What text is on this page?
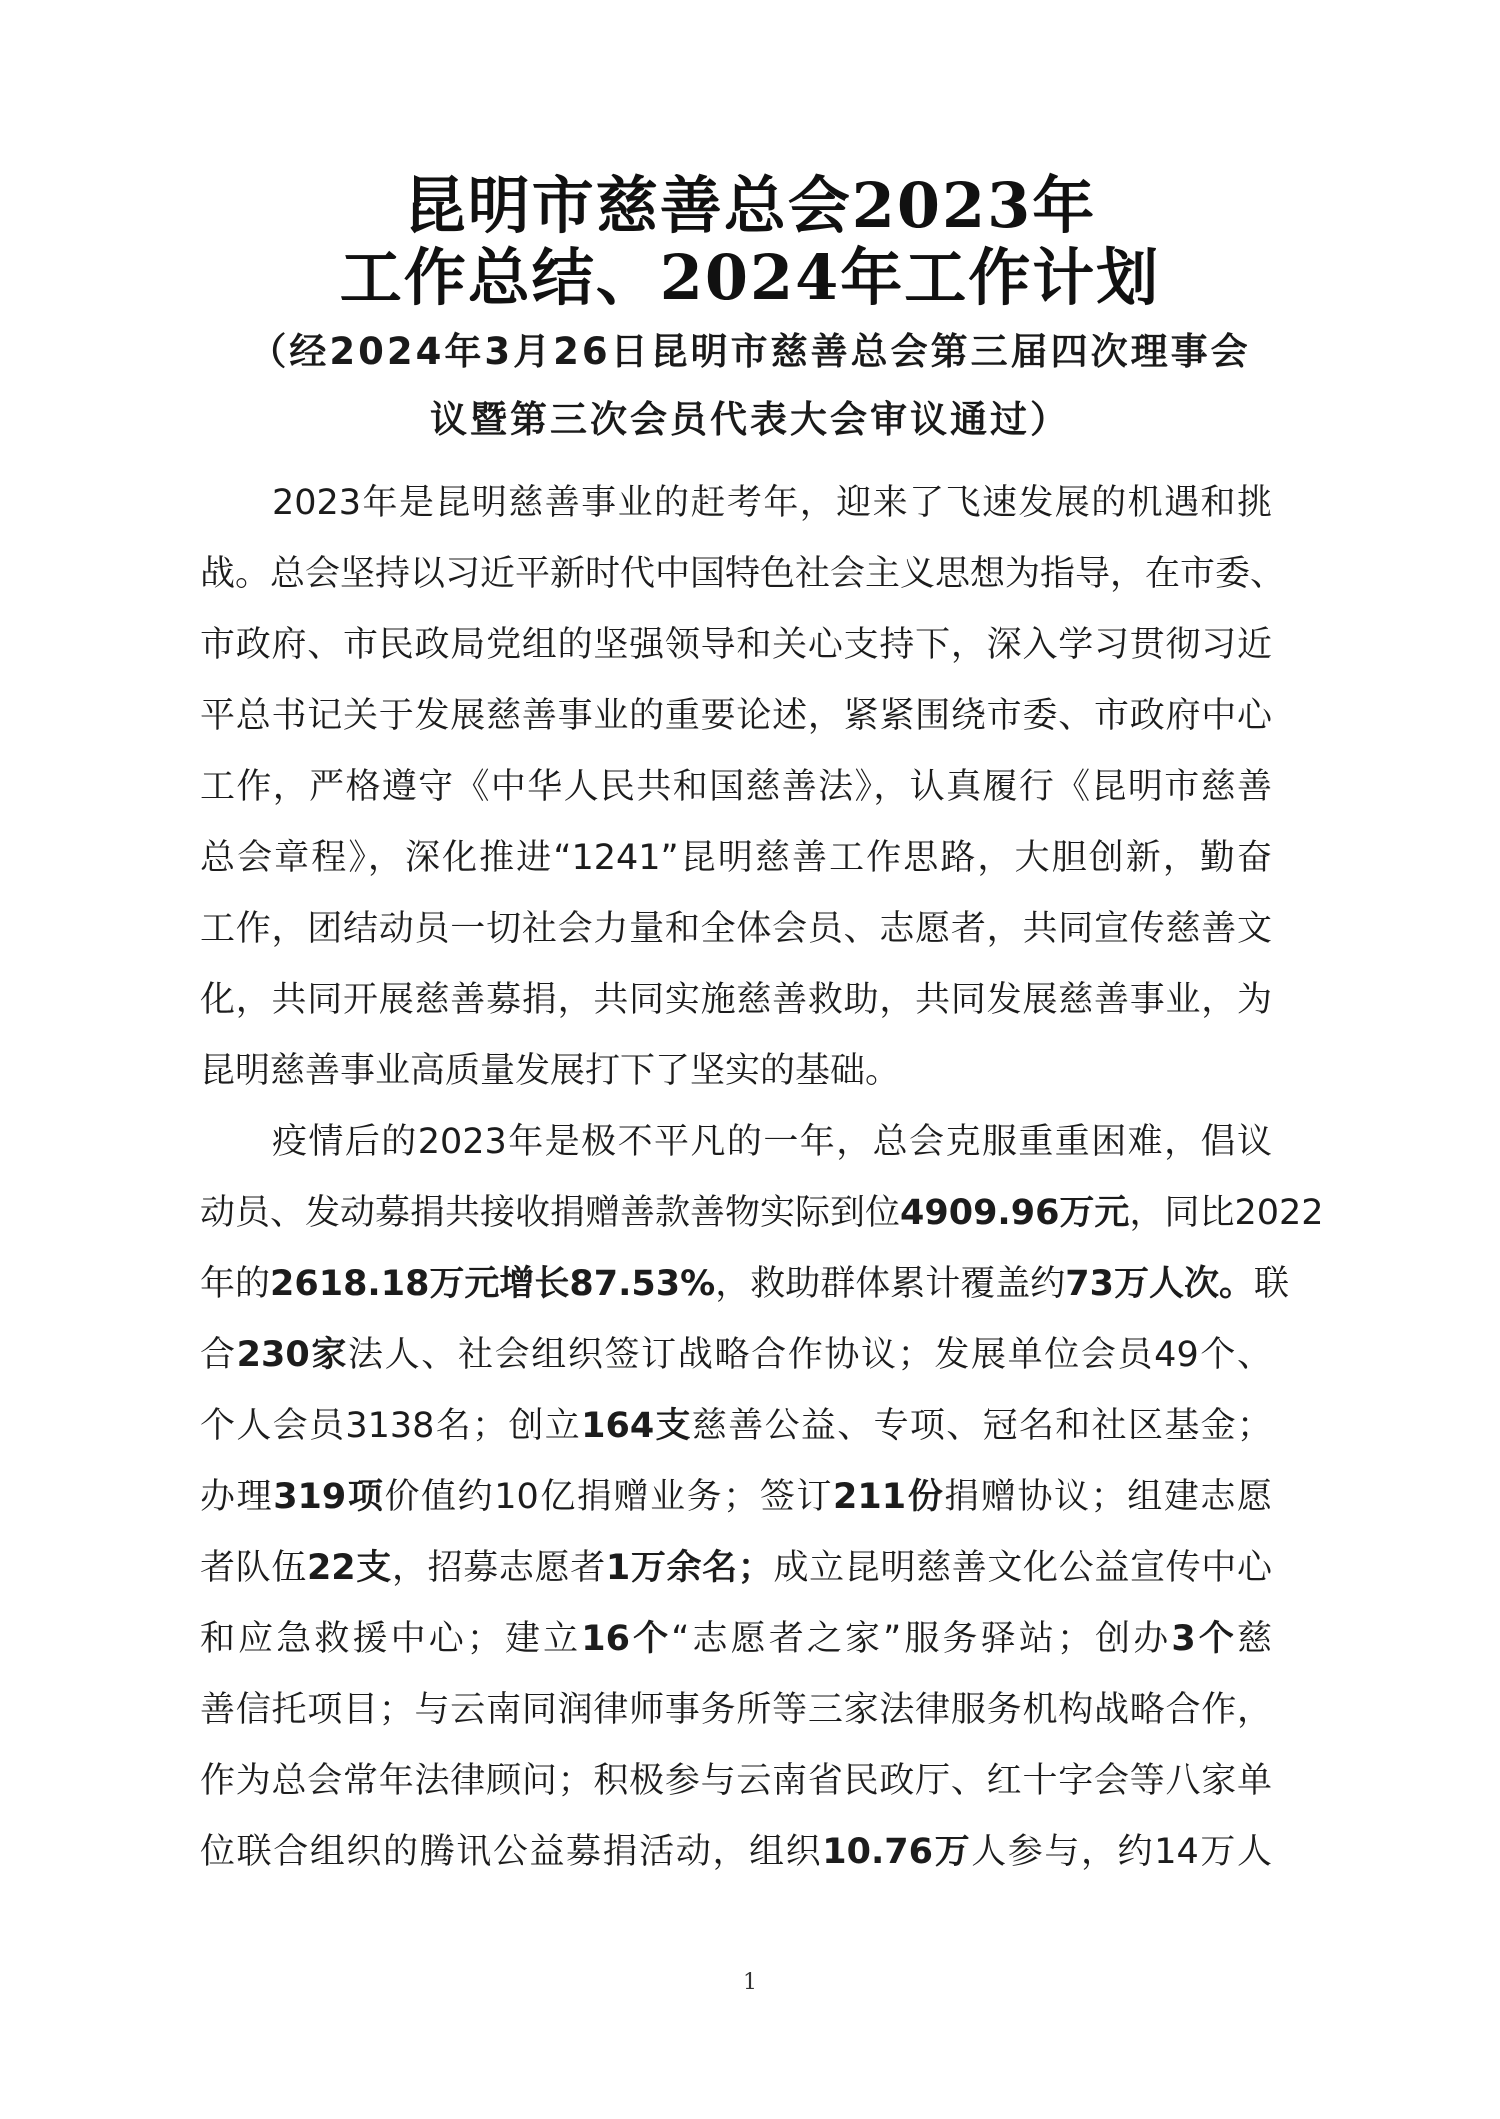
昆明市慈善总会2023年
工作总结、2024年工作计划
（经2024年3月26日昆明市慈善总会第三届四次理事会
议暨第三次会员代表大会审议通过）
2023年是昆明慈善事业的赶考年，迎来了飞速发展的机遇和挑
战。总会坚持以习近平新时代中国特色社会主义思想为指导，在市委、
市政府、市民政局党组的坚强领导和关心支持下，深入学习贯彻习近
平总书记关于发展慈善事业的重要论述，紧紧围绕市委、市政府中心
工作，严格遵守《中华人民共和国慈善法》，认真履行《昆明市慈善
总会章程》，深化推进“1241”昆明慈善工作思路，大胆创新，勤奋
工作，团结动员一切社会力量和全体会员、志愿者，共同宣传慈善文
化，共同开展慈善募捐，共同实施慈善救助，共同发展慈善事业，为
昆明慈善事业高质量发展打下了坚实的基础。
疫情后的2023年是极不平凡的一年，总会克服重重困难，倡议
动员、发动募捐共接收捐赠善款善物实际到位4909.96万元，同比2022
年的2618.18万元增长87.53%，救助群体累计覆盖约73万人次。联
合230家法人、社会组织签订战略合作协议；发展单位会员49个、
个人会员3138名；创立164支慈善公益、专项、冠名和社区基金；
办理319项价值约10亿捐赠业务；签订211份捐赠协议；组建志愿
者队伍22支，招募志愿者1万余名；成立昆明慈善文化公益宣传中心
和应急救援中心；建立16个“志愿者之家”服务驿站；创办3个慈
善信托项目；与云南同润律师事务所等三家法律服务机构战略合作，
作为总会常年法律顾问；积极参与云南省民政厅、红十字会等八家单
位联合组织的腾讯公益募捐活动，组织10.76万人参与，约14万人
1
